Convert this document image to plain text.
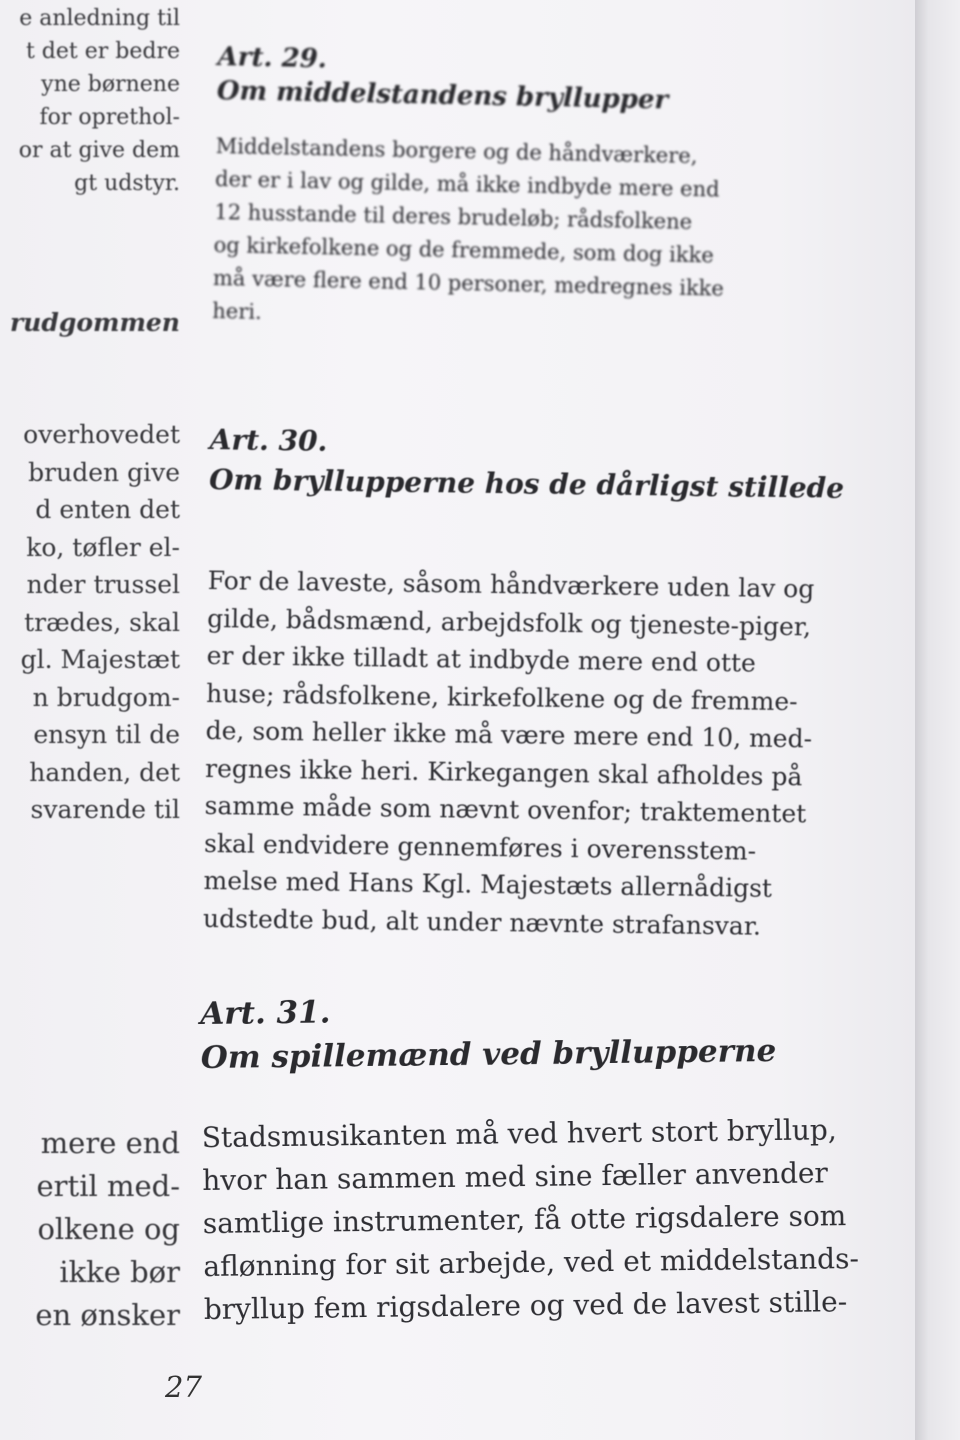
e anledning til

t det er bedre

yne børnene

for oprethol-

or at give dem

gt udstyr.

rudgommen

overhovedet

bruden give

d enten det

ko, tøfler el-

nder trussel

trædes, skal

gl. Majestæt

n brudgom-

ensyn til de

handen, det

svarende til

mere end

ertil med-

olkene og

ikke bør

en ønsker

Art. 29.

Om middelstandens bryllupper

Middelstandens borgere og de håndværkere,

der er i lav og gilde, må ikke indbyde mere end

12 husstande til deres brudeløb; rådsfolkene

og kirkefolkene og de fremmede, som dog ikke

må være flere end 10 personer, medregnes ikke

heri.

Art. 30.

Om bryllupperne hos de dårligst stillede

For de laveste, såsom håndværkere uden lav og

gilde, bådsmænd, arbejdsfolk og tjeneste-piger,

er der ikke tilladt at indbyde mere end otte

huse; rådsfolkene, kirkefolkene og de fremme-

de, som heller ikke må være mere end 10, med-

regnes ikke heri. Kirkegangen skal afholdes på

samme måde som nævnt ovenfor; traktementet

skal endvidere gennemføres i overensstem-

melse med Hans Kgl. Majestæts allernådigst

udstedte bud, alt under nævnte strafansvar.

Art. 31.

Om spillemænd ved bryllupperne

Stadsmusikanten må ved hvert stort bryllup,

hvor han sammen med sine fæller anvender

samtlige instrumenter, få otte rigsdalere som

aflønning for sit arbejde, ved et middelstands-

bryllup fem rigsdalere og ved de lavest stille-

27
